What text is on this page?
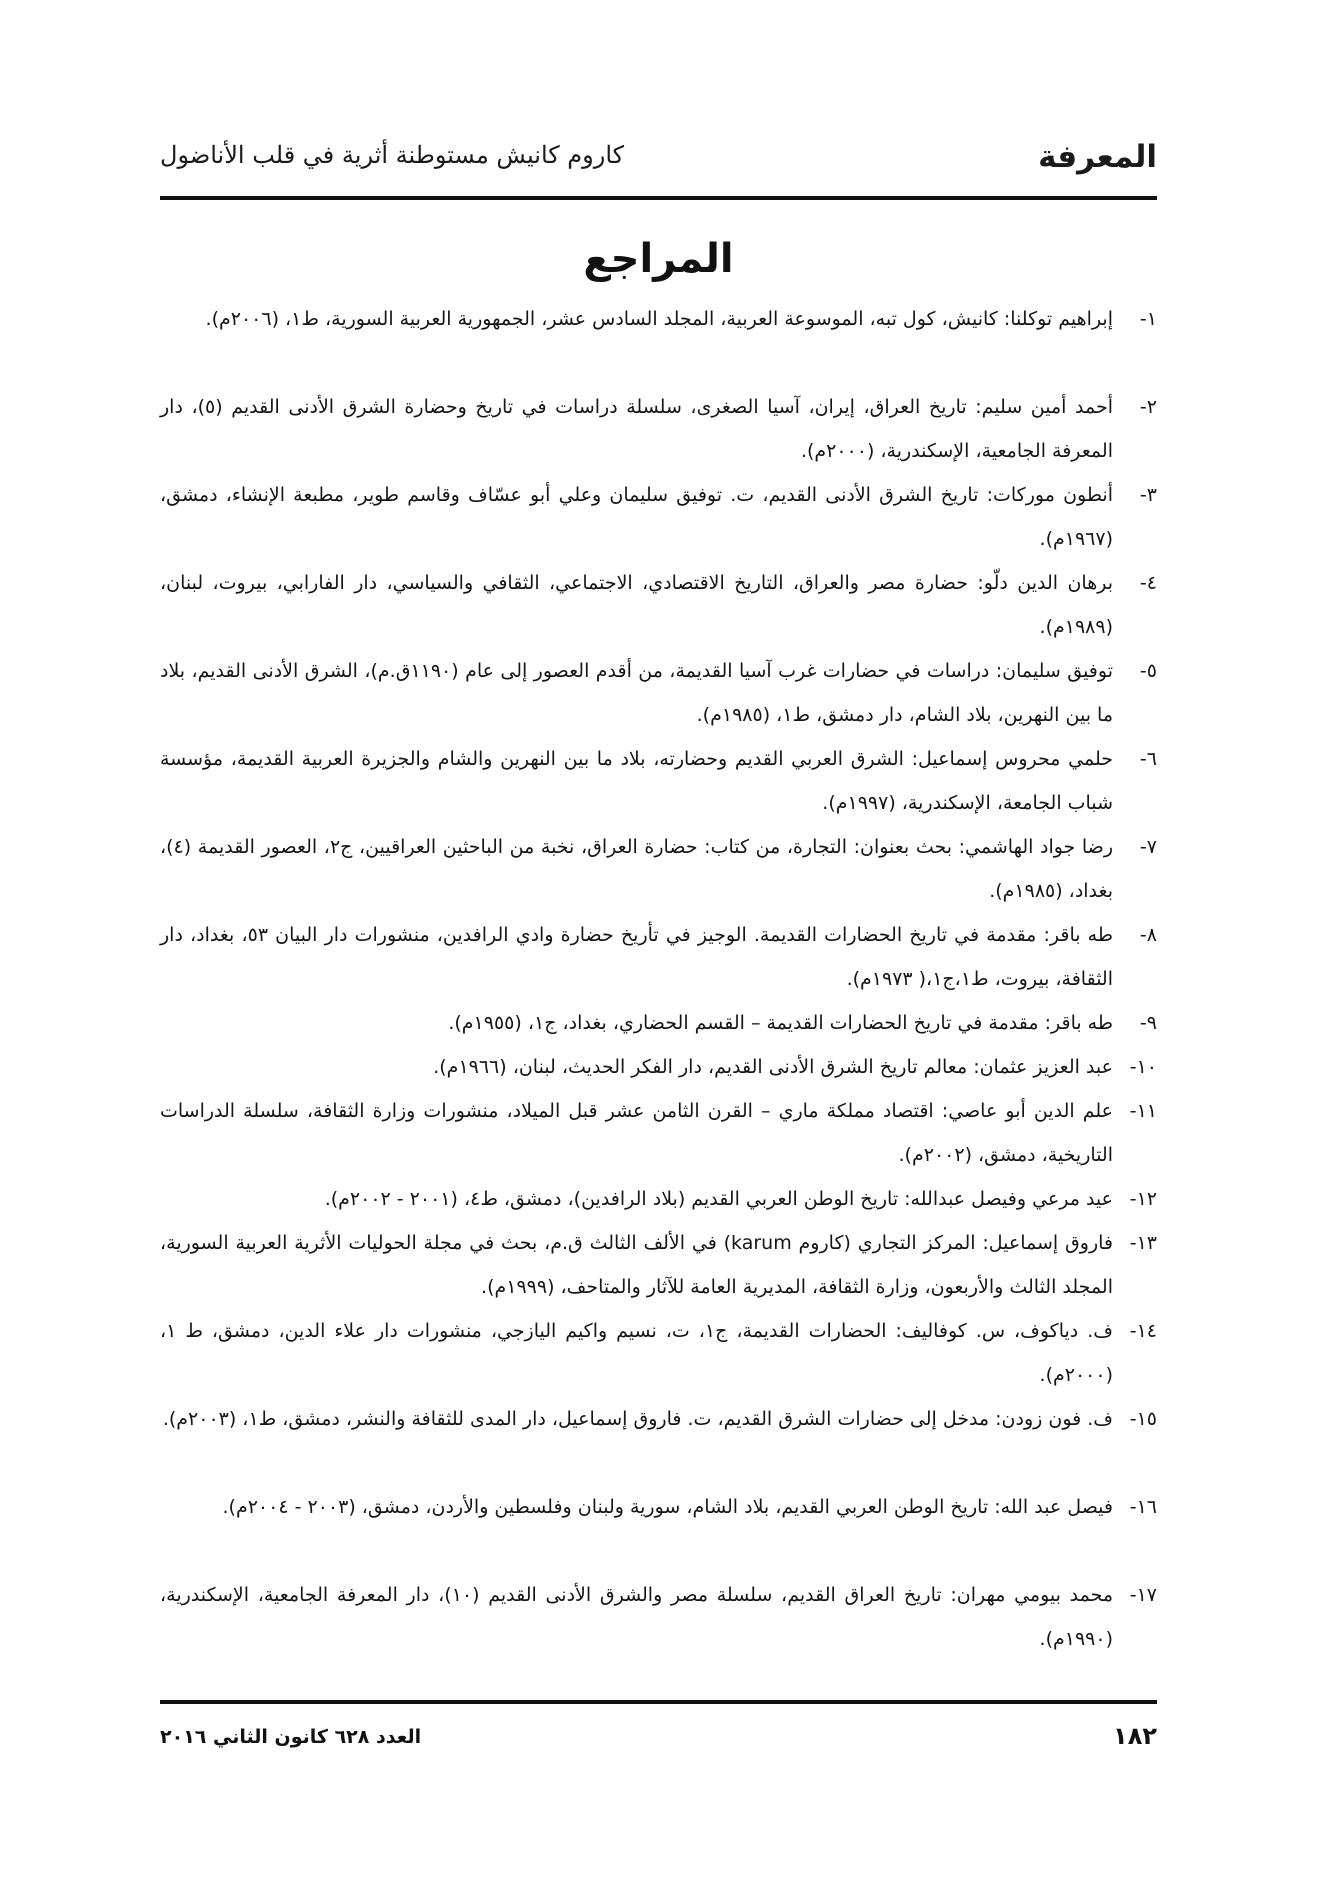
المعرفة
كاروم كانيش مستوطنة أثرية في قلب الأناضول
المراجع
١-
إبراهيم توكلنا: كانيش، كول تبه، الموسوعة العربية، المجلد السادس عشر، الجمهورية العربية السورية، ط١، (٢٠٠٦م).
٢-
أحمد أمين سليم: تاريخ العراق، إيران، آسيا الصغرى، سلسلة دراسات في تاريخ وحضارة الشرق الأدنى القديم (٥)، دار المعرفة الجامعية، الإسكندرية، (٢٠٠٠م).
٣-
أنطون موركات: تاريخ الشرق الأدنى القديم، ت. توفيق سليمان وعلي أبو عسّاف وقاسم طوير، مطبعة الإنشاء، دمشق، (١٩٦٧م).
٤-
برهان الدين دلّو: حضارة مصر والعراق، التاريخ الاقتصادي، الاجتماعي، الثقافي والسياسي، دار الفارابي، بيروت، لبنان، (١٩٨٩م).
٥-
توفيق سليمان: دراسات في حضارات غرب آسيا القديمة، من أقدم العصور إلى عام (١١٩٠ق.م)، الشرق الأدنى القديم، بلاد ما بين النهرين، بلاد الشام، دار دمشق، ط١، (١٩٨٥م).
٦-
حلمي محروس إسماعيل: الشرق العربي القديم وحضارته، بلاد ما بين النهرين والشام والجزيرة العربية القديمة، مؤسسة شباب الجامعة، الإسكندرية، (١٩٩٧م).
٧-
رضا جواد الهاشمي: بحث بعنوان: التجارة، من كتاب: حضارة العراق، نخبة من الباحثين العراقيين، ج٢، العصور القديمة (٤)، بغداد، (١٩٨٥م).
٨-
طه باقر: مقدمة في تاريخ الحضارات القديمة. الوجيز في تأريخ حضارة وادي الرافدين، منشورات دار البيان ٥٣، بغداد، دار الثقافة، بيروت، ط١،ج١،( ١٩٧٣م).
٩-
طه باقر: مقدمة في تاريخ الحضارات القديمة – القسم الحضاري، بغداد، ج١، (١٩٥٥م).
١٠-
عبد العزيز عثمان: معالم تاريخ الشرق الأدنى القديم، دار الفكر الحديث، لبنان، (١٩٦٦م).
١١-
علم الدين أبو عاصي: اقتصاد مملكة ماري – القرن الثامن عشر قبل الميلاد، منشورات وزارة الثقافة، سلسلة الدراسات التاريخية، دمشق، (٢٠٠٢م).
١٢-
عيد مرعي وفيصل عبدالله: تاريخ الوطن العربي القديم (بلاد الرافدين)، دمشق، ط٤، (٢٠٠١ - ٢٠٠٢م).
١٣-
فاروق إسماعيل: المركز التجاري (كاروم karum) في الألف الثالث ق.م، بحث في مجلة الحوليات الأثرية العربية السورية، المجلد الثالث والأربعون، وزارة الثقافة، المديرية العامة للآثار والمتاحف، (١٩٩٩م).
١٤-
ف. دياكوف، س. كوفاليف: الحضارات القديمة، ج١، ت، نسيم واكيم اليازجي، منشورات دار علاء الدين، دمشق، ط ١، (٢٠٠٠م).
١٥-
ف. فون زودن: مدخل إلى حضارات الشرق القديم، ت. فاروق إسماعيل، دار المدى للثقافة والنشر، دمشق، ط١، (٢٠٠٣م).
١٦-
فيصل عبد الله: تاريخ الوطن العربي القديم، بلاد الشام، سورية ولبنان وفلسطين والأردن، دمشق، (٢٠٠٣ - ٢٠٠٤م).
١٧-
محمد بيومي مهران: تاريخ العراق القديم، سلسلة مصر والشرق الأدنى القديم (١٠)، دار المعرفة الجامعية، الإسكندرية، (١٩٩٠م).
١٨٢
العدد ٦٢٨ كانون الثاني ٢٠١٦
